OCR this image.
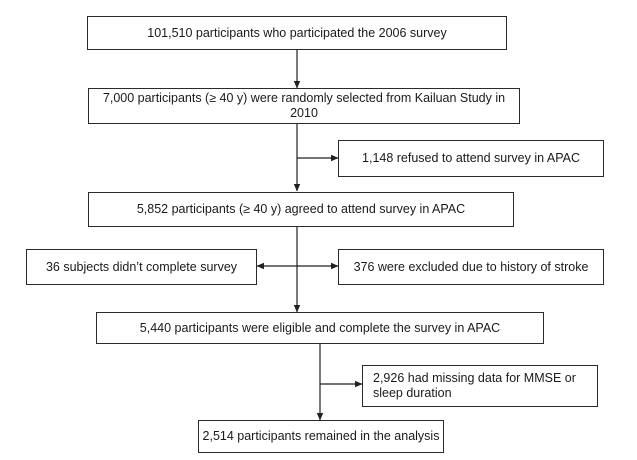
101,510 participants who participated the 2006 survey
7,000 participants (≥ 40 y) were randomly selected from Kailuan Study in 2010
1,148 refused to attend survey in APAC
5,852 participants (≥ 40 y) agreed to attend survey in APAC
36 subjects didn’t complete survey	376 were excluded due to history of stroke
5,440 participants were eligible and complete the survey in APAC
2,926 had missing data for MMSE or
sleep duration
2,514 participants remained in the analysis
